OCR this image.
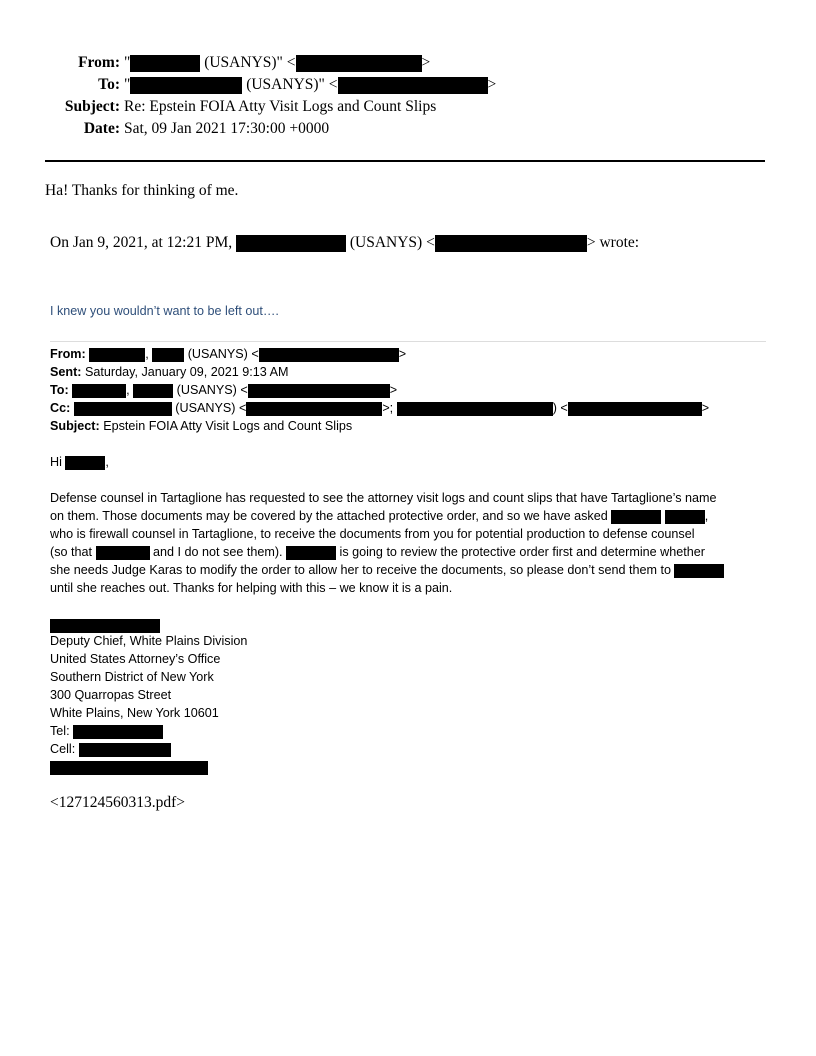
From: "	(USANYS)" <	>
To: "	(USANYS)" <	>
Subject: Re: Epstein FOIA Atty Visit Logs and Count Slips
Date: Sat, 09 Jan 2021 17:30:00 +0000
Ha! Thanks for thinking of me.
On Jan 9, 2021, at 12:21 PM,	(USANYS) <	> wrote:
I knew you wouldn’t want to be left out….
From:	,	(USANYS) <	>
Sent: Saturday, January 09, 2021 9:13 AM
To:	,	(USANYS) <	>
Cc:	(USANYS) <	>;	) <	>
Subject: Epstein FOIA Atty Visit Logs and Count Slips
Hi	,
Defense counsel in Tartaglione has requested to see the attorney visit logs and count slips that have Tartaglione’s name
on them. Those documents may be covered by the attached protective order, and so we have asked	,
who is firewall counsel in Tartaglione, to receive the documents from you for potential production to defense counsel
(so that	and I do not see them).	is going to review the protective order first and determine whether
she needs Judge Karas to modify the order to allow her to receive the documents, so please don’t send them to
until she reaches out. Thanks for helping with this – we know it is a pain.
Deputy Chief, White Plains Division
United States Attorney’s Office
Southern District of New York
300 Quarropas Street
White Plains, New York 10601
Tel:
Cell:
<127124560313.pdf>
